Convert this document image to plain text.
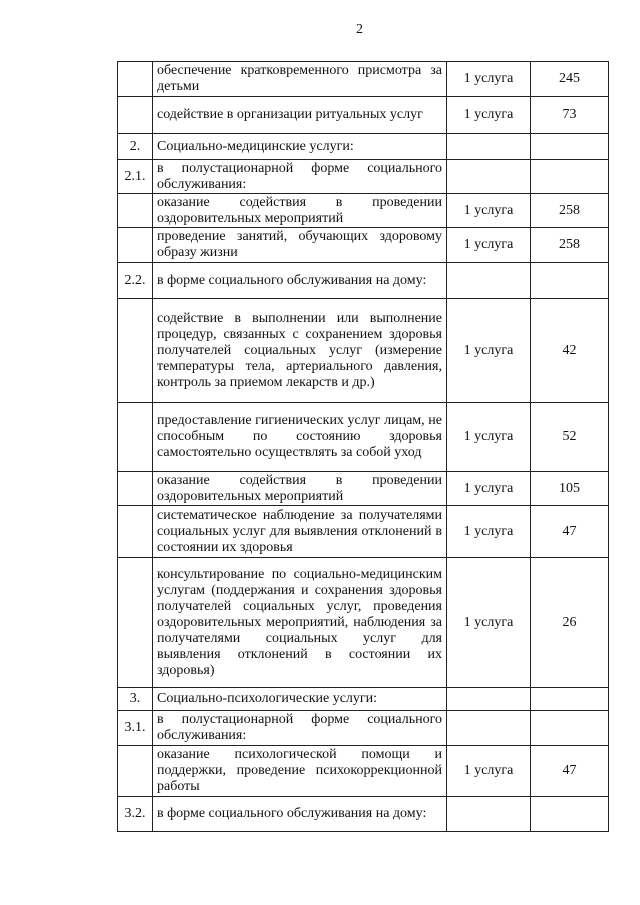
2
	обеспечение кратковременного присмотра за детьми	1 услуга	245
	содействие в организации ритуальных услуг	1 услуга	73
2.	Социально-медицинские услуги:		
2.1.	в полустационарной форме социального обслуживания:		
	оказание содействия в проведении оздоровительных мероприятий	1 услуга	258
	проведение занятий, обучающих здоровому образу жизни	1 услуга	258
2.2.	в форме социального обслуживания на дому:		
	содействие в выполнении или выполнение процедур, связанных с сохранением здоровья получателей социальных услуг (измерение температуры тела, артериального давления, контроль за приемом лекарств и др.)	1 услуга	42
	предоставление гигиенических услуг лицам, не способным по состоянию здоровья самостоятельно осуществлять за собой уход	1 услуга	52
	оказание содействия в проведении оздоровительных мероприятий	1 услуга	105
	систематическое наблюдение за получателями социальных услуг для выявления отклонений в состоянии их здоровья	1 услуга	47
	консультирование по социально-медицинским услугам (поддержания и сохранения здоровья получателей социальных услуг, проведения оздоровительных мероприятий, наблюдения за получателями социальных услуг для выявления отклонений в состоянии их здоровья)	1 услуга	26
3.	Социально-психологические услуги:		
3.1.	в полустационарной форме социального обслуживания:		
	оказание психологической помощи и поддержки, проведение психокоррекционной работы	1 услуга	47
3.2.	в форме социального обслуживания на дому:		
